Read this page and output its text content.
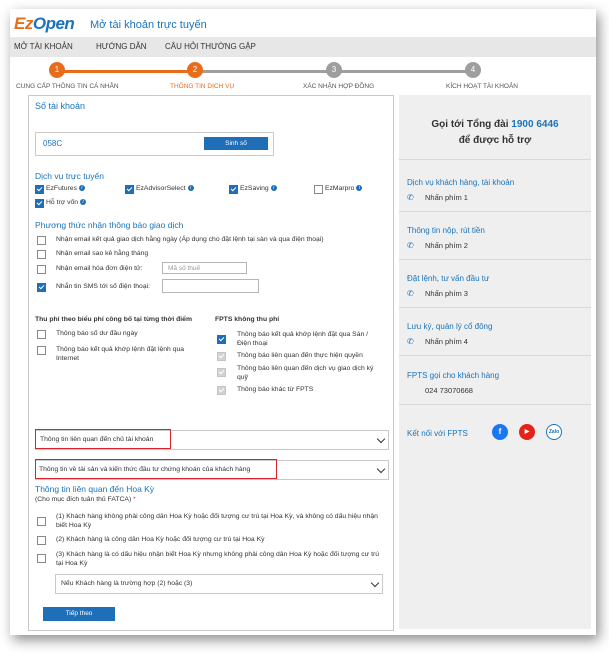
EzOpen Mở tài khoản trực tuyến
MỞ TÀI KHOẢN	HƯỚNG DẪN CÂU HỎI THƯỜNG GẶP
1	2	3	4
CUNG CẤP THÔNG TIN CÁ NHÂN	THÔNG TIN DỊCH VỤ	XÁC NHẬN HỢP ĐỒNG	KÍCH HOẠT TÀI KHOẢN
Số tài khoản
058C	Sinh số
Dịch vụ trực tuyến
EzFutures i	EzAdvisorSelect i	EzSaving i	EzMarpro i
Hỗ trợ vốn i
Phương thức nhận thông báo giao dịch
Nhận email kết quả giao dịch hằng ngày (Áp dụng cho đặt lệnh tại sàn và qua điện thoại)
Nhận email sao kê hằng tháng
Nhận email hóa đơn điện tử:	Mã số thuế
Nhắn tin SMS tới số điện thoại:
Thu phí theo biểu phí công bố tại từng thời điểm
Thông báo số dư đầu ngày
Thông báo kết quả khớp lệnh đặt lệnh qua Internet
FPTS không thu phí
Thông báo kết quả khớp lệnh đặt qua Sàn / Điện thoại
Thông báo liên quan đến thực hiện quyền
Thông báo liên quan đến dịch vụ giao dịch ký quỹ
Thông báo khác từ FPTS
Thông tin liên quan đến chủ tài khoản
Thông tin về tài sản và kiến thức đầu tư chứng khoán của khách hàng
Thông tin liên quan đến Hoa Kỳ
(Cho mục đích tuân thủ FATCA) *
(1) Khách hàng không phải công dân Hoa Kỳ hoặc đối tượng cư trú tại Hoa Kỳ, và không có dấu hiệu nhận biết Hoa Kỳ
(2) Khách hàng là công dân Hoa Kỳ hoặc đối tượng cư trú tại Hoa Kỳ
(3) Khách hàng là có dấu hiệu nhận biết Hoa Kỳ nhưng không phải công dân Hoa Kỳ hoặc đối tượng cư trú tại Hoa Kỳ
Nếu Khách hàng là trường hợp (2) hoặc (3)
Tiếp theo
Gọi tới Tổng đài 1900 6446
để được hỗ trợ
Dịch vụ khách hàng, tài khoản
✆ Nhấn phím 1
Thông tin nộp, rút tiền
✆ Nhấn phím 2
Đặt lệnh, tư vấn đầu tư
✆ Nhấn phím 3
Lưu ký, quản lý cổ đông
✆ Nhấn phím 4
FPTS gọi cho khách hàng
024 73070668
Kết nối với FPTS	f	▶	Zalo
